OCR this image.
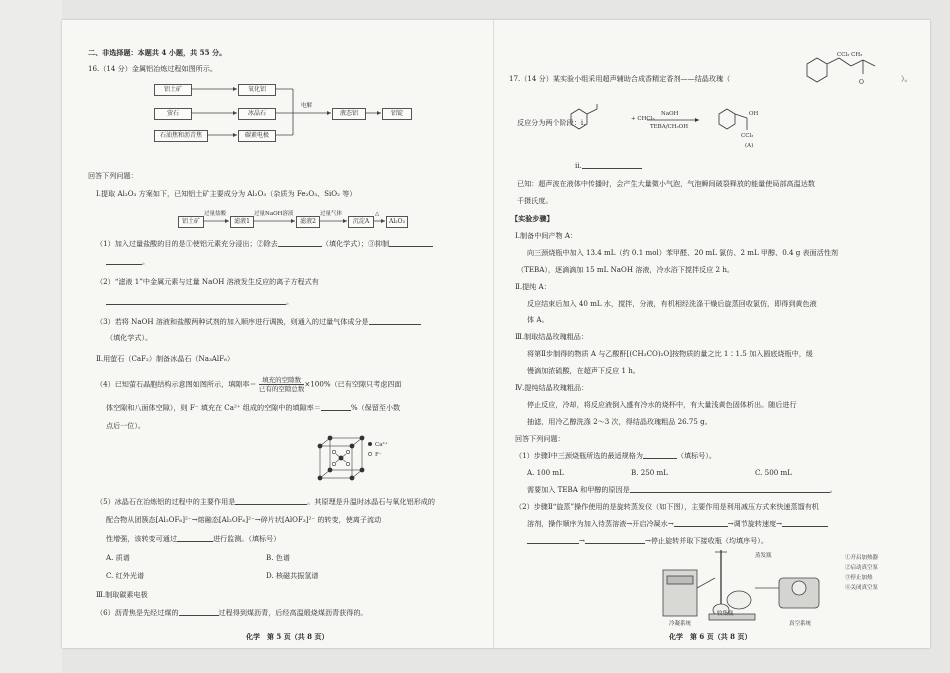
二、非选择题：本题共 4 小题，共 55 分。
16.（14 分）金属铝冶炼过程如图所示。
铝土矿
萤石
石油焦和沥青焦
氧化铝
冰晶石
碳素电极
液态铝	铝锭
电解
回答下列问题：
Ⅰ.提取 Al₂O₃ 方案如下，已知铝土矿主要成分为 Al₂O₃（杂质为 Fe₂O₃、SiO₂ 等）
铝土矿	滤液1	滤液2	沉淀A	Al₂O₃
过量盐酸	过量NaOH溶液	过量气体	△
（1）加入过量盐酸的目的是①使铝元素充分浸出；②除去	（填化学式）；③抑制
。
（2）“滤液 1”中金属元素与过量 NaOH 溶液发生反应的离子方程式有
。
（3）若将 NaOH 溶液和盐酸两种试剂的加入顺序进行调换，则通入的过量气体成分是
（填化学式）。
Ⅱ.用萤石（CaF₂）制备冰晶石（Na₃AlF₆）
（4）已知萤石晶胞结构示意图如图所示，填隙率＝ 填充的空隙数
已有的空隙总数
×100%（已有空隙只考虑四面
体空隙和八面体空隙），则 F⁻ 填充在 Ca²⁺ 组成的空隙中的填隙率＝	%（保留至小数
点后一位）。
Ca²⁺
F⁻
（5）冰晶石在冶炼铝的过程中的主要作用是	。其原理是升温时冰晶石与氧化铝形成的
配合物从团簇态[Al₂OF₆]²⁻→熔融态[Al₂OF₆]²⁻→碎片状[AlOF₃]²⁻ 的转变，使离子流动
性增强，该转变可通过	进行监测。（填标号）
A. 质谱	B. 色谱
C. 红外光谱	D. 核磁共振氢谱
Ⅲ.制取碳素电极
（6）沥青焦是先经过煤的	过程得到煤沥青，后经高温煅烧煤沥青获得的。
化学　第 5 页（共 8 页）
CCl₃ CH₃
17.（14 分）某实验小组采用超声辅助合成香精定香剂——结晶玫瑰（	O	）。
反应分为两个阶段：i.	+ CHCl₃
NaOH
TEBA/CH₃OH
OH
CCl₃
(A)
ii.
已知：超声波在液体中传播时，会产生大量微小气泡，气泡瞬间破裂释放的能量使局部高温达数
千摄氏度。
【实验步骤】
Ⅰ.制备中间产物 A：
向三颈烧瓶中加入 13.4 mL（约 0.1 mol）苯甲醛、20 mL 氯仿、2 mL 甲醇、0.4 g 表面活性剂
（TEBA），逐滴滴加 15 mL NaOH 溶液，冷水浴下搅拌反应 2 h。
Ⅱ.提纯 A：
反应结束后加入 40 mL 水，搅拌，分液，有机相经洗涤干燥后旋蒸回收氯仿，即得到黄色液
体 A。
Ⅲ.制取结晶玫瑰粗品：
将第Ⅱ步制得的物质 A 与乙酸酐[(CH₃CO)₂O]按物质的量之比 1∶1.5 加入圆底烧瓶中，缓
慢滴加浓硫酸，在超声下反应 1 h。
Ⅳ.提纯结晶玫瑰粗品：
停止反应，冷却，将反应液倒入盛有冷水的烧杯中，有大量浅黄色固体析出。随后进行
抽滤，用冷乙醇洗涤 2～3 次，得结晶玫瑰粗品 26.75 g。
回答下列问题：
（1）步骤Ⅰ中三颈烧瓶所选的最适规格为	（填标号）。
A. 100 mL	B. 250 mL	C. 500 mL
需要加入 TEBA 和甲醇的原因是	。
（2）步骤Ⅱ“旋蒸”操作使用的是旋转蒸发仪（如下图），主要作用是利用减压方式来快速蒸馏有机
溶剂，操作顺序为加入待蒸溶液→开启冷凝水→	→调节旋转速度→
→	→停止旋转并取下接收瓶（均填序号）。
蒸发瓶
收集瓶
冷凝系统	真空系统
①开启加热器
②启动真空泵
③停止加热
④关闭真空泵
化学　第 6 页（共 8 页）
